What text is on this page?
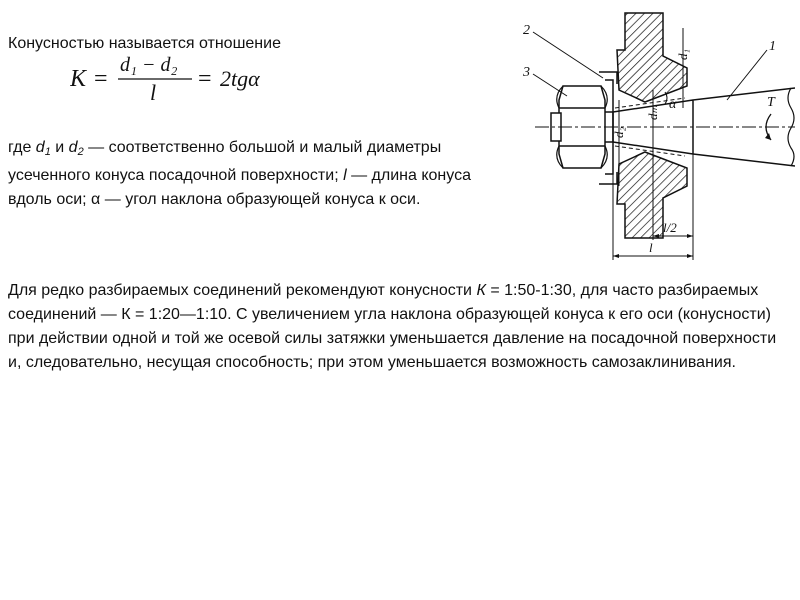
Конусностью называется отношение
K =
d₁ − d₂
l
= 2tgα
где $d_1$ и $d_2$ — соответственно большой и малый диаметры усеченного конуса посадочной поверхности; l — длина конуса вдоль оси; α — угол наклона образующей конуса к оси.
Для редко разбираемых соединений рекомендуют конусности К = 1:50-1:30, для часто разбираемых соединений — К = 1:20—1:10. С увеличением угла наклона образующей конуса к его оси (конусности) при действии одной и той же осевой силы затяжки уменьшается давление на посадочной поверхности и, следовательно, несущая способность; при этом уменьшается возможность самозаклинивания.
2
3
1
d₁
d₂
dₘ
α	T
l/2
l
